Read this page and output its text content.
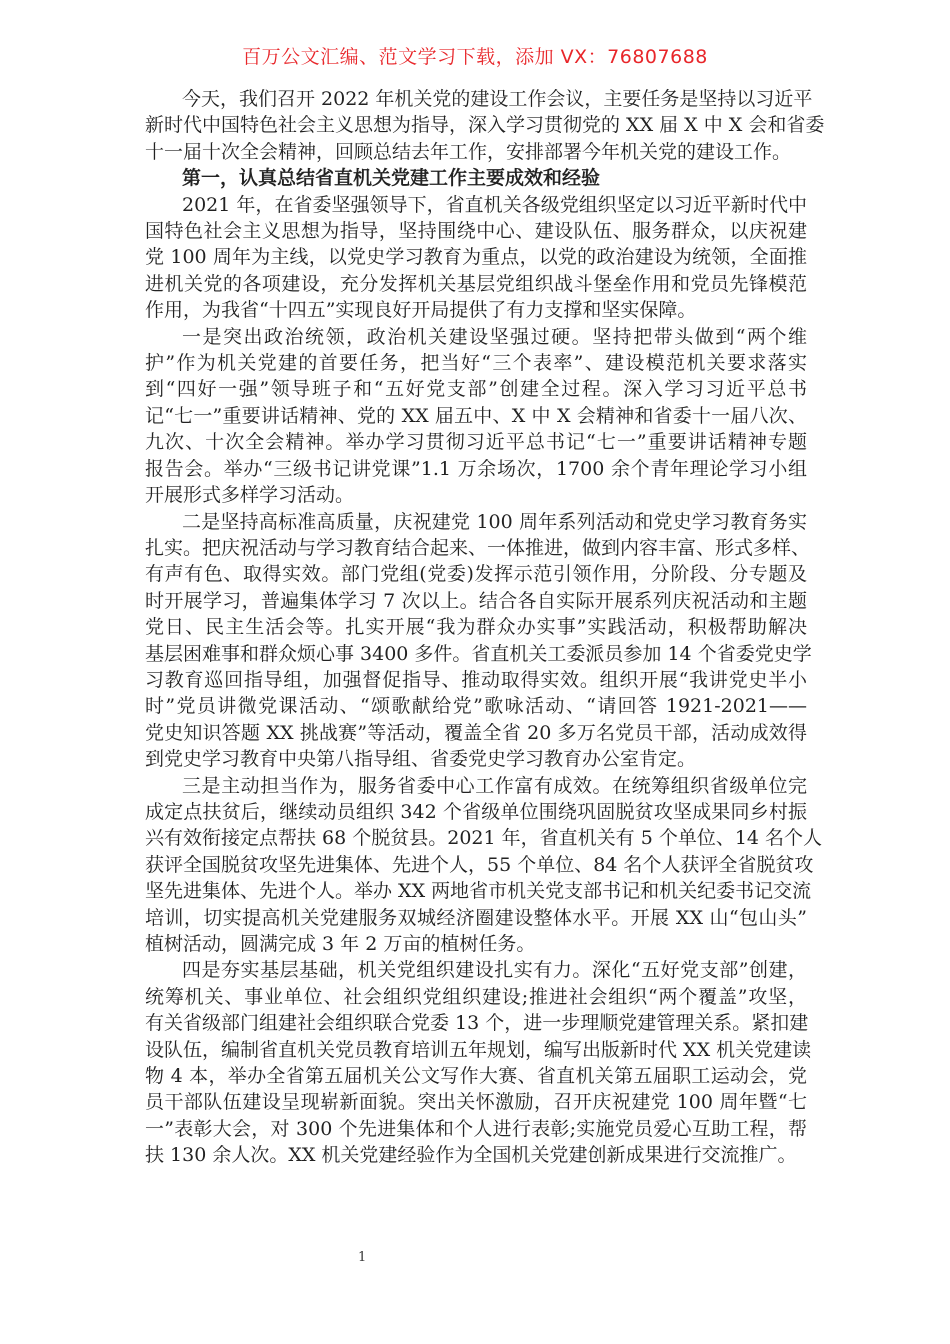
百万公文汇编、范文学习下载，添加 VX：76807688
今天，我们召开 2022 年机关党的建设工作会议，主要任务是坚持以习近平
新时代中国特色社会主义思想为指导，深入学习贯彻党的 XX 届 X 中 X 会和省委
十一届十次全会精神，回顾总结去年工作，安排部署今年机关党的建设工作。
第一，认真总结省直机关党建工作主要成效和经验
2021 年，在省委坚强领导下，省直机关各级党组织坚定以习近平新时代中
国特色社会主义思想为指导，坚持围绕中心、建设队伍、服务群众，以庆祝建
党 100 周年为主线，以党史学习教育为重点，以党的政治建设为统领，全面推
进机关党的各项建设，充分发挥机关基层党组织战斗堡垒作用和党员先锋模范
作用，为我省“十四五”实现良好开局提供了有力支撑和坚实保障。
一是突出政治统领，政治机关建设坚强过硬。坚持把带头做到“两个维
护”作为机关党建的首要任务，把当好“三个表率”、建设模范机关要求落实
到“四好一强”领导班子和“五好党支部”创建全过程。深入学习习近平总书
记“七一”重要讲话精神、党的 XX 届五中、X 中 X 会精神和省委十一届八次、
九次、十次全会精神。举办学习贯彻习近平总书记“七一”重要讲话精神专题
报告会。举办“三级书记讲党课”1.1 万余场次，1700 余个青年理论学习小组
开展形式多样学习活动。
二是坚持高标准高质量，庆祝建党 100 周年系列活动和党史学习教育务实
扎实。把庆祝活动与学习教育结合起来、一体推进，做到内容丰富、形式多样、
有声有色、取得实效。部门党组(党委)发挥示范引领作用，分阶段、分专题及
时开展学习，普遍集体学习 7 次以上。结合各自实际开展系列庆祝活动和主题
党日、民主生活会等。扎实开展“我为群众办实事”实践活动，积极帮助解决
基层困难事和群众烦心事 3400 多件。省直机关工委派员参加 14 个省委党史学
习教育巡回指导组，加强督促指导、推动取得实效。组织开展“我讲党史半小
时”党员讲微党课活动、“颂歌献给党”歌咏活动、“请回答 1921-2021——
党史知识答题 XX 挑战赛”等活动，覆盖全省 20 多万名党员干部，活动成效得
到党史学习教育中央第八指导组、省委党史学习教育办公室肯定。
三是主动担当作为，服务省委中心工作富有成效。在统筹组织省级单位完
成定点扶贫后，继续动员组织 342 个省级单位围绕巩固脱贫攻坚成果同乡村振
兴有效衔接定点帮扶 68 个脱贫县。2021 年，省直机关有 5 个单位、14 名个人
获评全国脱贫攻坚先进集体、先进个人，55 个单位、84 名个人获评全省脱贫攻
坚先进集体、先进个人。举办 XX 两地省市机关党支部书记和机关纪委书记交流
培训，切实提高机关党建服务双城经济圈建设整体水平。开展 XX 山“包山头”
植树活动，圆满完成 3 年 2 万亩的植树任务。
四是夯实基层基础，机关党组织建设扎实有力。深化“五好党支部”创建，
统筹机关、事业单位、社会组织党组织建设;推进社会组织“两个覆盖”攻坚，
有关省级部门组建社会组织联合党委 13 个，进一步理顺党建管理关系。紧扣建
设队伍，编制省直机关党员教育培训五年规划，编写出版新时代 XX 机关党建读
物 4 本，举办全省第五届机关公文写作大赛、省直机关第五届职工运动会，党
员干部队伍建设呈现崭新面貌。突出关怀激励，召开庆祝建党 100 周年暨“七
一”表彰大会，对 300 个先进集体和个人进行表彰;实施党员爱心互助工程，帮
扶 130 余人次。XX 机关党建经验作为全国机关党建创新成果进行交流推广。
1
